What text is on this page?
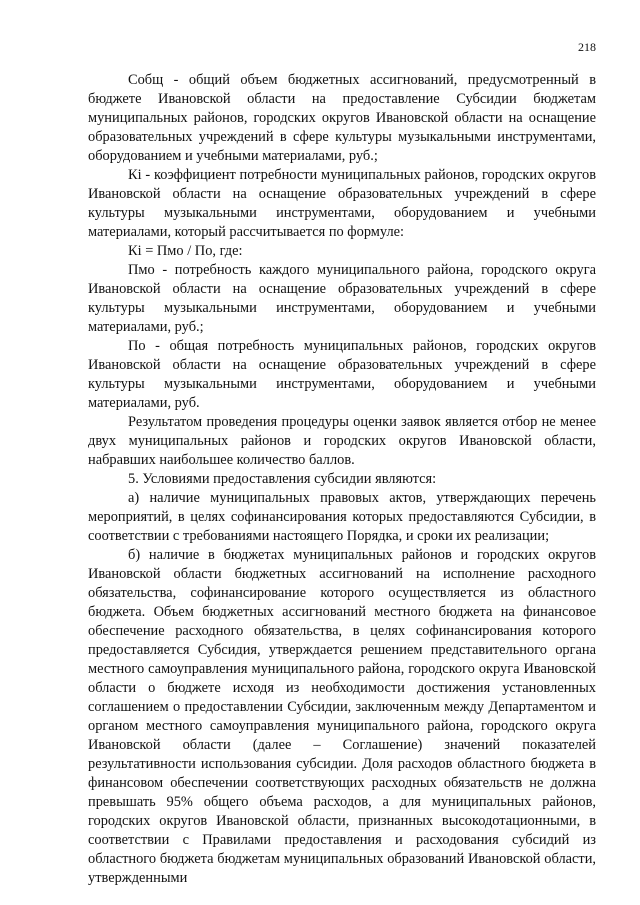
218

Собщ - общий объем бюджетных ассигнований, предусмотренный в бюджете Ивановской области на предоставление Субсидии бюджетам муниципальных районов, городских округов Ивановской области на оснащение образовательных учреждений в сфере культуры музыкальными инструментами, оборудованием и учебными материалами, руб.;

Кi - коэффициент потребности муниципальных районов, городских округов Ивановской области на оснащение образовательных учреждений в сфере культуры музыкальными инструментами, оборудованием и учебными материалами, который рассчитывается по формуле:

Кi = Пмо / По, где:

Пмо - потребность каждого муниципального района, городского округа Ивановской области на оснащение образовательных учреждений в сфере культуры музыкальными инструментами, оборудованием и учебными материалами, руб.;

По - общая потребность муниципальных районов, городских округов Ивановской области на оснащение образовательных учреждений в сфере культуры музыкальными инструментами, оборудованием и учебными материалами, руб.

Результатом проведения процедуры оценки заявок является отбор не менее двух муниципальных районов и городских округов Ивановской области, набравших наибольшее количество баллов.

5. Условиями предоставления субсидии являются:

а) наличие муниципальных правовых актов, утверждающих перечень мероприятий, в целях софинансирования которых предоставляются Субсидии, в соответствии с требованиями настоящего Порядка, и сроки их реализации;

б) наличие в бюджетах муниципальных районов и городских округов Ивановской области бюджетных ассигнований на исполнение расходного обязательства, софинансирование которого осуществляется из областного бюджета. Объем бюджетных ассигнований местного бюджета на финансовое обеспечение расходного обязательства, в целях софинансирования которого предоставляется Субсидия, утверждается решением представительного органа местного самоуправления муниципального района, городского округа Ивановской области о бюджете исходя из необходимости достижения установленных соглашением о предоставлении Субсидии, заключенным между Департаментом и органом местного самоуправления муниципального района, городского округа Ивановской области (далее – Соглашение) значений показателей результативности использования субсидии. Доля расходов областного бюджета в финансовом обеспечении соответствующих расходных обязательств не должна превышать 95% общего объема расходов, а для муниципальных районов, городских округов Ивановской области, признанных высокодотационными, в соответствии с Правилами предоставления и расходования субсидий из областного бюджета бюджетам муниципальных образований Ивановской области, утвержденными
